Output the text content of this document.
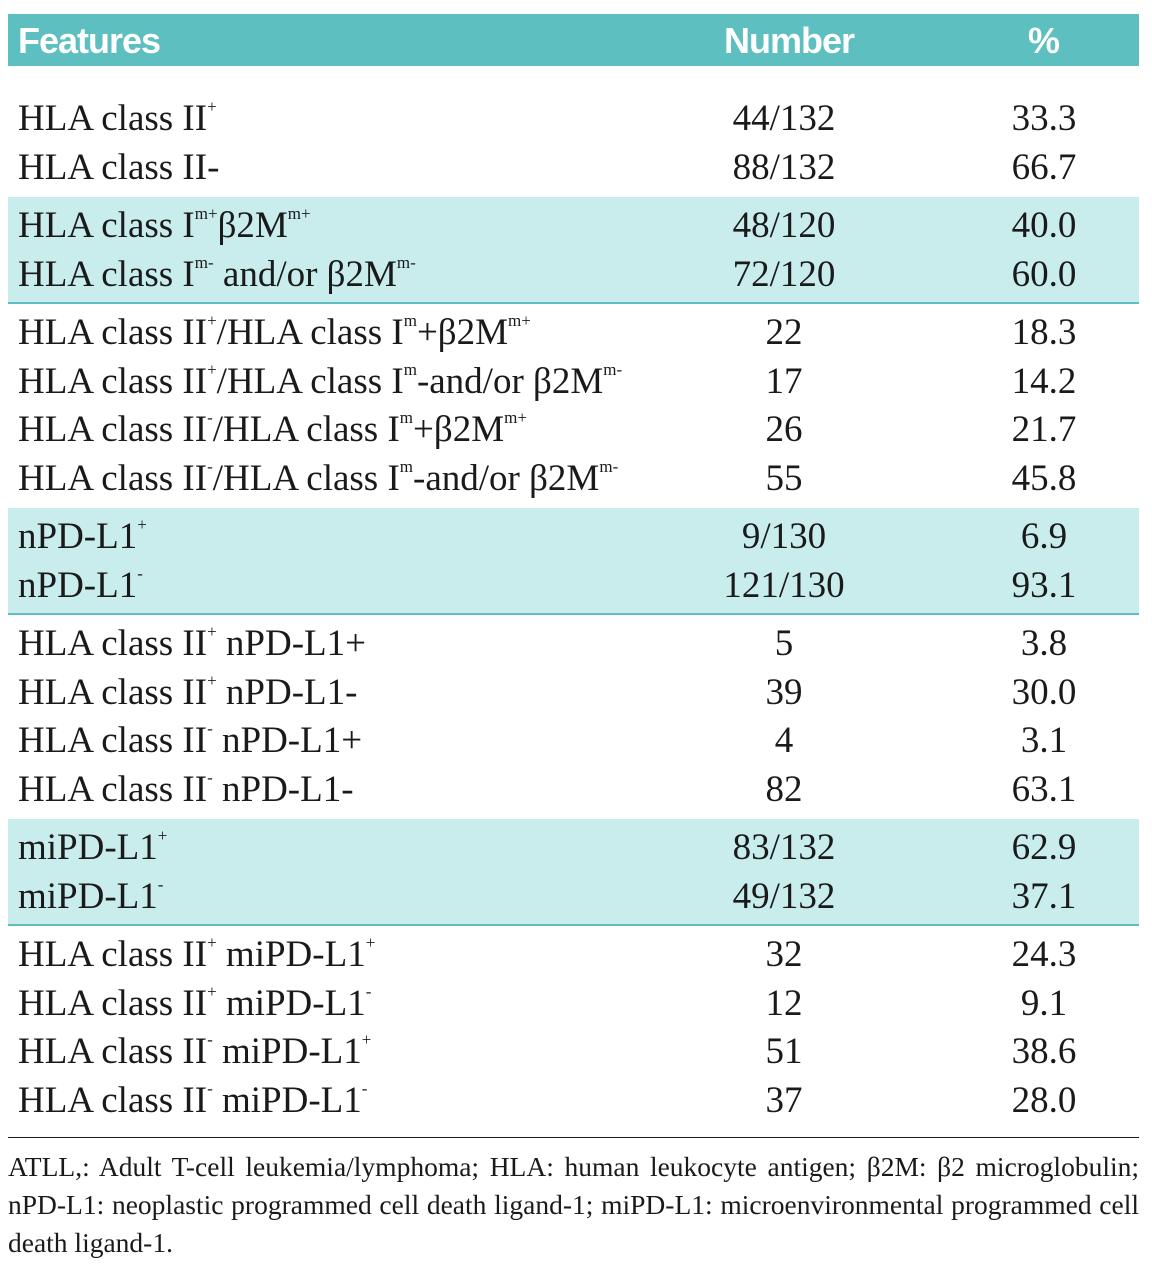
Features	Number	%
HLA class II+	44/132	33.3
HLA class II-	88/132	66.7
HLA class $I^{m+}\beta 2M^{m+}$	48/120	40.0
HLA class $I^{m-}$ and/or $\beta 2M^{m-}$	72/120	60.0
HLA class II+/HLA class $I^m+\beta 2M^{m+}$	22	18.3
HLA class II+/HLA class $I^m-and/or$ $\beta 2M^{m-}$	17	14.2
HLA class II-/HLA class $I^m+\beta 2M^{m+}$	26	21.7
HLA class II-/HLA class $I^m-and/or$ $\beta 2M^{m-}$	55	45.8
nPD-L1+	9/130	6.9
nPD-L1-	121/130	93.1
HLA class II+ nPD-L1+	5	3.8
HLA class II+ nPD-L1-	39	30.0
HLA class II- nPD-L1+	4	3.1
HLA class II- nPD-L1-	82	63.1
miPD-L1+	83/132	62.9
miPD-L1-	49/132	37.1
HLA class II+ miPD-L1+	32	24.3
HLA class II+ miPD-L1-	12	9.1
HLA class II- miPD-L1+	51	38.6
HLA class II- miPD-L1-	37	28.0
ATLL,: Adult T-cell leukemia/lymphoma; HLA: human leukocyte antigen; β2M: β2 microglobulin; nPD-L1: neoplastic programmed cell death ligand-1; miPD-L1: microenvironmental programmed cell death ligand-1.
